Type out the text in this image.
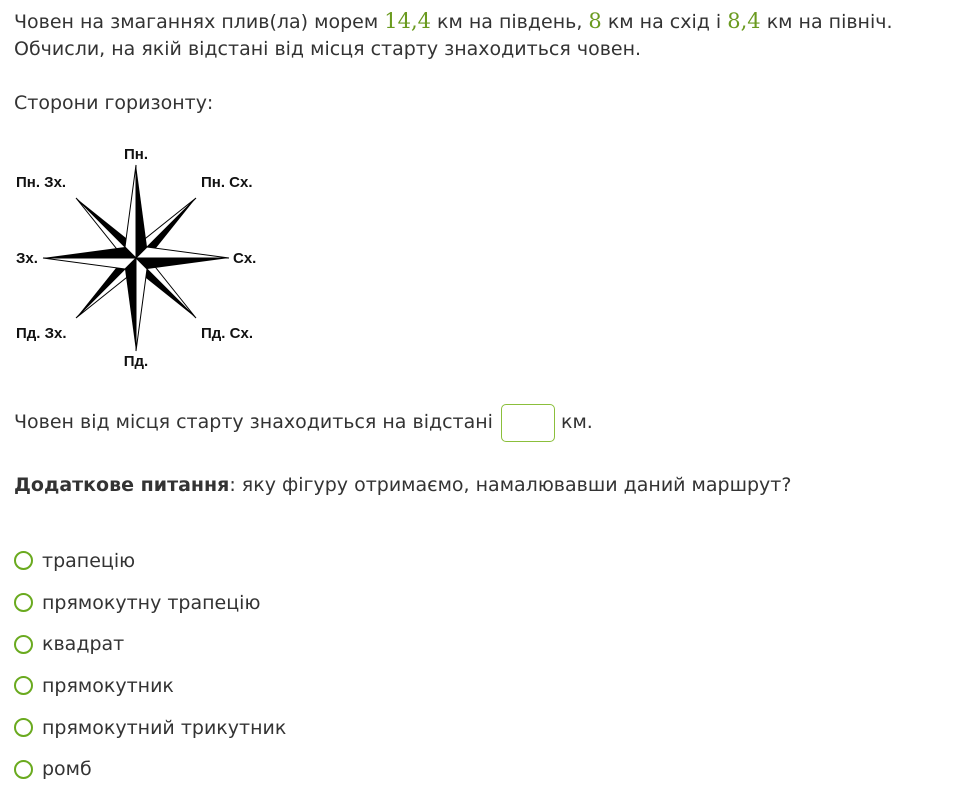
Човен на змаганнях плив(ла) морем 14,4 км на південь, 8 км на схід і 8,4 км на північ.
Обчисли, на якій відстані від місця старту знаходиться човен.
Сторони горизонту:
Пн.
Пн. Сх.
Сх.
Пд. Сх.
Пд.
Пд. Зх.
Зх.
Пн. Зх.
Човен від місця старту знаходиться на відстані	км.
Додаткове питання: яку фігуру отримаємо, намалювавши даний маршрут?
трапецію
прямокутну трапецію
квадрат
прямокутник
прямокутний трикутник
ромб
